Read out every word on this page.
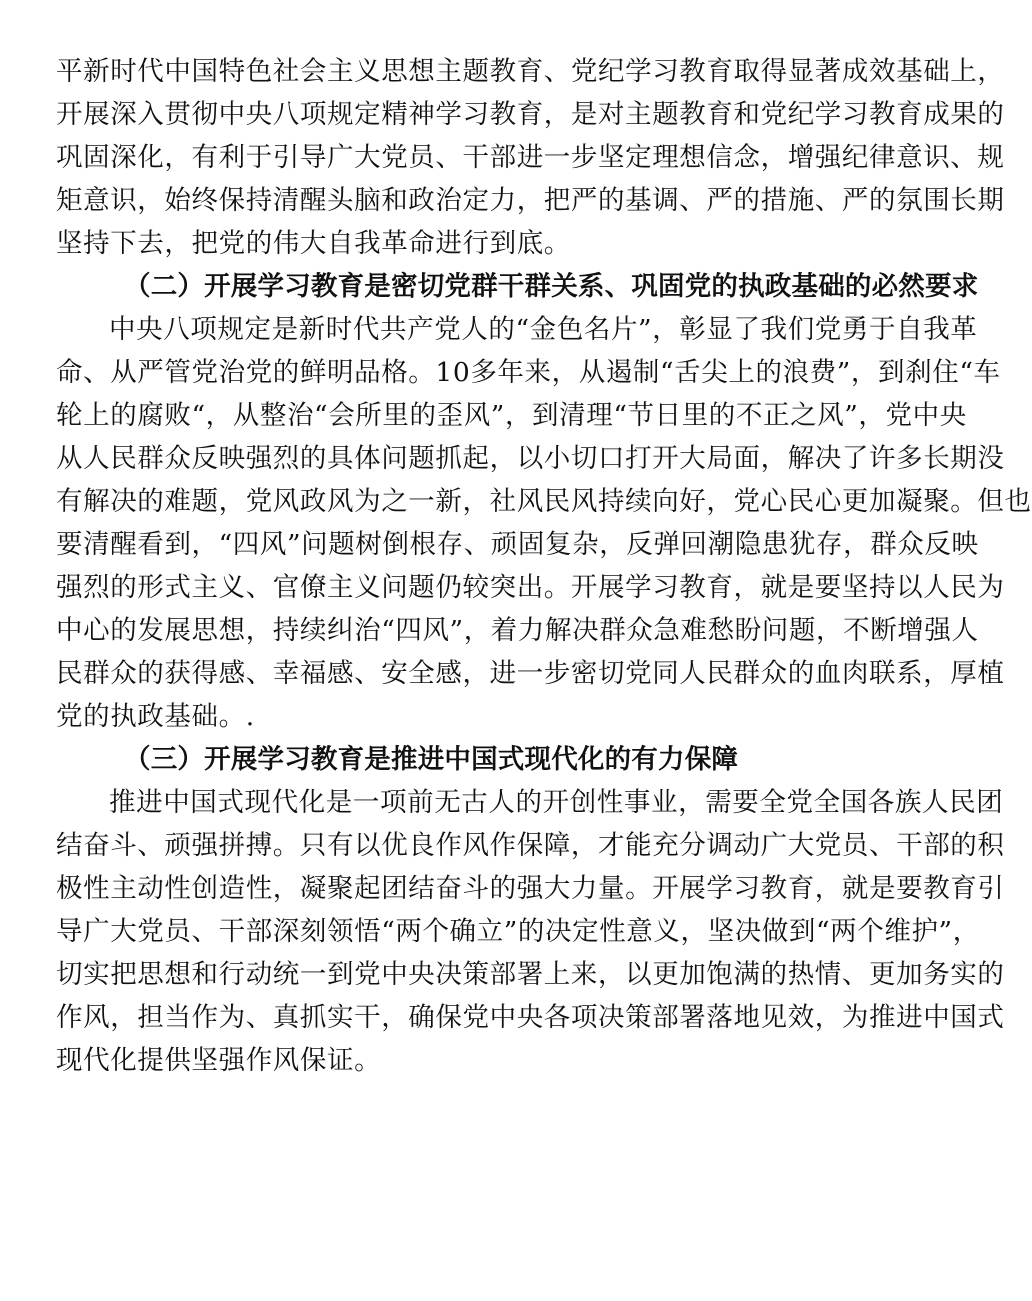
平新时代中国特色社会主义思想主题教育、党纪学习教育取得显著成效基础上，
开展深入贯彻中央八项规定精神学习教育，是对主题教育和党纪学习教育成果的
巩固深化，有利于引导广大党员、干部进一步坚定理想信念，增强纪律意识、规
矩意识，始终保持清醒头脑和政治定力，把严的基调、严的措施、严的氛围长期
坚持下去，把党的伟大自我革命进行到底。
（二）开展学习教育是密切党群干群关系、巩固党的执政基础的必然要求
中央八项规定是新时代共产党人的“金色名片”，彰显了我们党勇于自我革
命、从严管党治党的鲜明品格。10多年来，从遏制“舌尖上的浪费”，到刹住“车
轮上的腐败“，从整治“会所里的歪风”，到清理“节日里的不正之风”，党中央
从人民群众反映强烈的具体问题抓起，以小切口打开大局面，解决了许多长期没
有解决的难题，党风政风为之一新，社风民风持续向好，党心民心更加凝聚。但也
要清醒看到，“四风”问题树倒根存、顽固复杂，反弹回潮隐患犹存，群众反映
强烈的形式主义、官僚主义问题仍较突出。开展学习教育，就是要坚持以人民为
中心的发展思想，持续纠治“四风”，着力解决群众急难愁盼问题，不断增强人
民群众的获得感、幸福感、安全感，进一步密切党同人民群众的血肉联系，厚植
党的执政基础。.
（三）开展学习教育是推进中国式现代化的有力保障
推进中国式现代化是一项前无古人的开创性事业，需要全党全国各族人民团
结奋斗、顽强拼搏。只有以优良作风作保障，才能充分调动广大党员、干部的积
极性主动性创造性，凝聚起团结奋斗的强大力量。开展学习教育，就是要教育引
导广大党员、干部深刻领悟“两个确立”的决定性意义，坚决做到“两个维护”，
切实把思想和行动统一到党中央决策部署上来，以更加饱满的热情、更加务实的
作风，担当作为、真抓实干，确保党中央各项决策部署落地见效，为推进中国式
现代化提供坚强作风保证。
